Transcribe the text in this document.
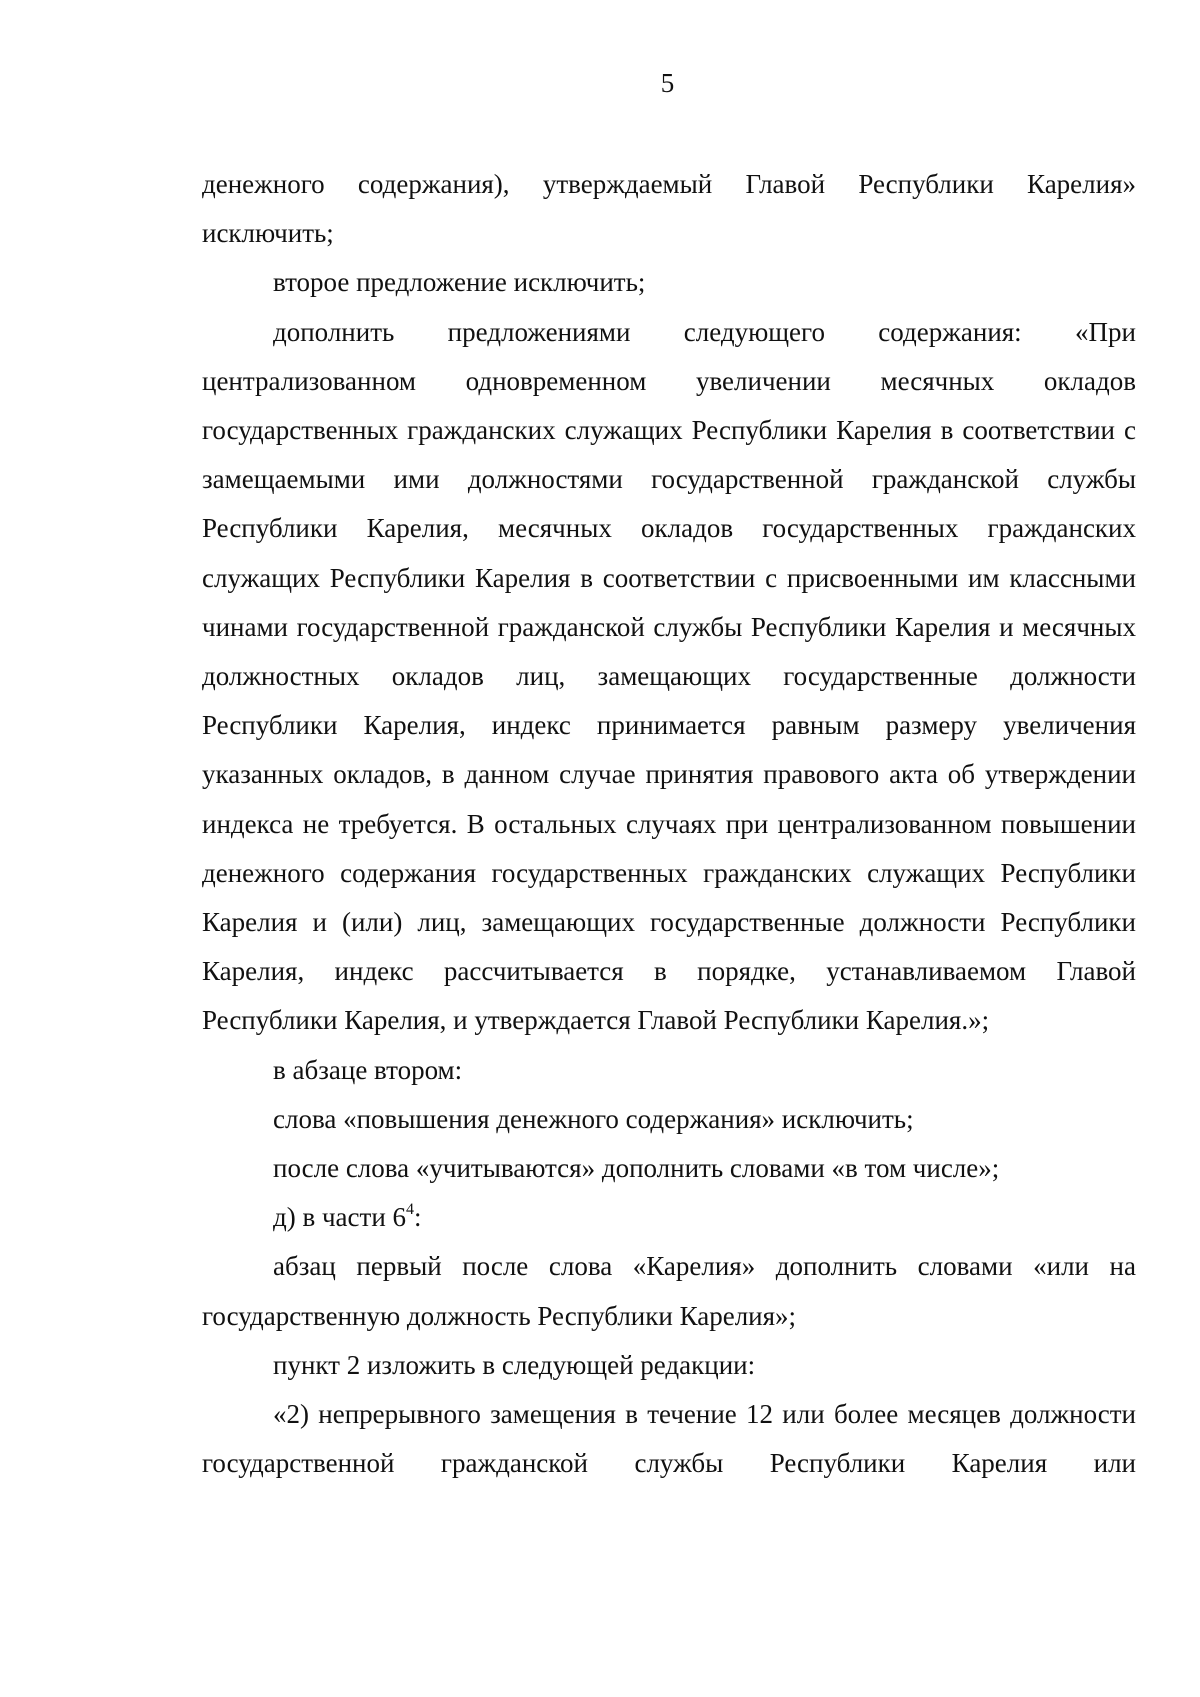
5

денежного содержания), утверждаемый Главой Республики Карелия» исключить;

второе предложение исключить;

дополнить предложениями следующего содержания: «При централизованном одновременном увеличении месячных окладов государственных гражданских служащих Республики Карелия в соответствии с замещаемыми ими должностями государственной гражданской службы Республики Карелия, месячных окладов государственных гражданских служащих Республики Карелия в соответствии с присвоенными им классными чинами государственной гражданской службы Республики Карелия и месячных должностных окладов лиц, замещающих государственные должности Республики Карелия, индекс принимается равным размеру увеличения указанных окладов, в данном случае принятия правового акта об утверждении индекса не требуется. В остальных случаях при централизованном повышении денежного содержания государственных гражданских служащих Республики Карелия и (или) лиц, замещающих государственные должности Республики Карелия, индекс рассчитывается в порядке, устанавливаемом Главой Республики Карелия, и утверждается Главой Республики Карелия.»;

в абзаце втором:

слова «повышения денежного содержания» исключить;

после слова «учитываются» дополнить словами «в том числе»;

д) в части $6^4$:

абзац первый после слова «Карелия» дополнить словами «или на государственную должность Республики Карелия»;

пункт 2 изложить в следующей редакции:

«2) непрерывного замещения в течение 12 или более месяцев должности государственной гражданской службы Республики Карелия или
